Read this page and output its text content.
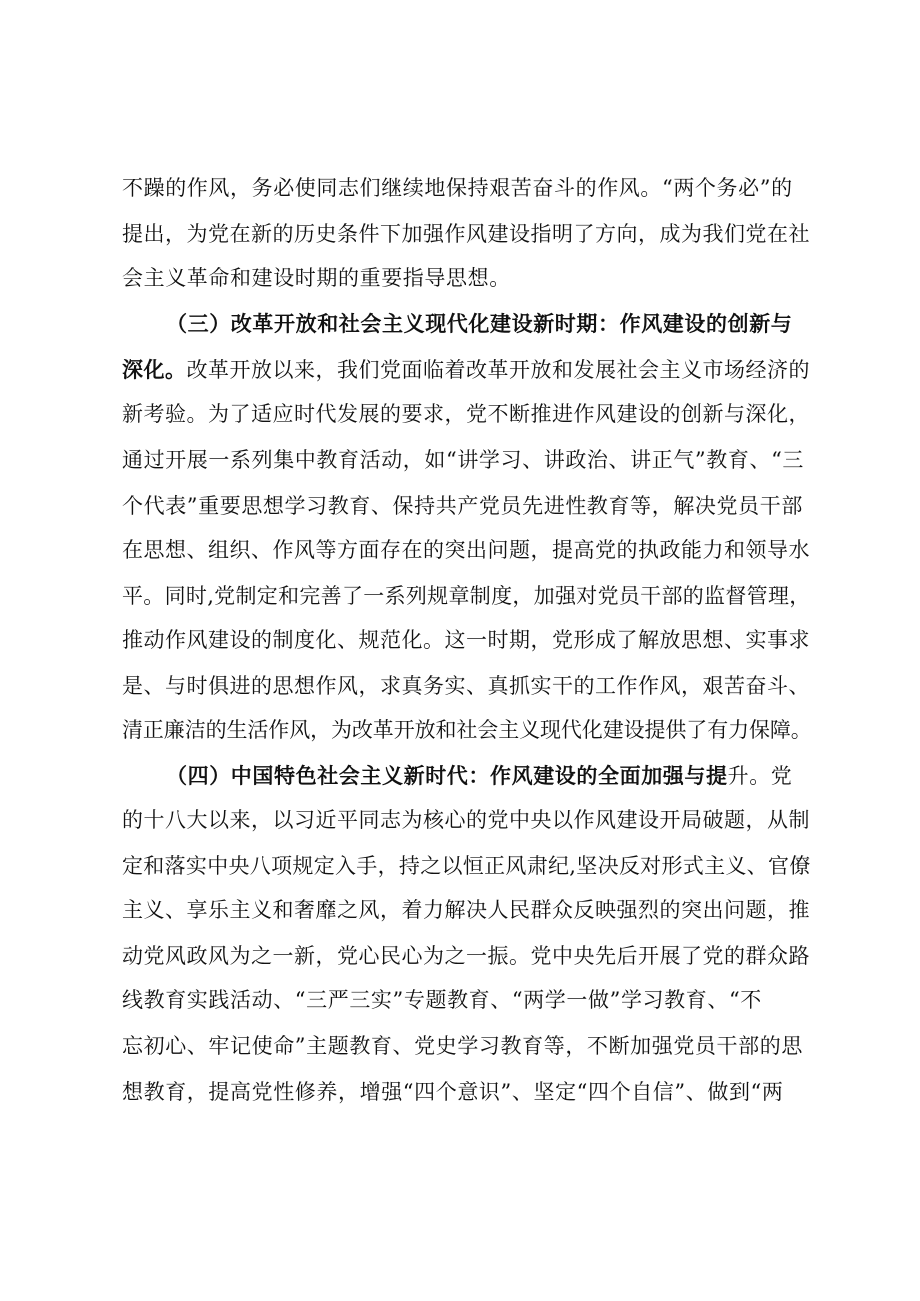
不躁的作风，务必使同志们继续地保持艰苦奋斗的作风。“两个务必”的
提出，为党在新的历史条件下加强作风建设指明了方向，成为我们党在社
会主义革命和建设时期的重要指导思想。
（三）改革开放和社会主义现代化建设新时期：作风建设的创新与
深化。改革开放以来，我们党面临着改革开放和发展社会主义市场经济的
新考验。为了适应时代发展的要求，党不断推进作风建设的创新与深化，
通过开展一系列集中教育活动，如“讲学习、讲政治、讲正气”教育、“三
个代表”重要思想学习教育、保持共产党员先进性教育等，解决党员干部
在思想、组织、作风等方面存在的突出问题，提高党的执政能力和领导水
平。同时,党制定和完善了一系列规章制度，加强对党员干部的监督管理，
推动作风建设的制度化、规范化。这一时期，党形成了解放思想、实事求
是、与时俱进的思想作风，求真务实、真抓实干的工作作风，艰苦奋斗、
清正廉洁的生活作风，为改革开放和社会主义现代化建设提供了有力保障。
（四）中国特色社会主义新时代：作风建设的全面加强与提升。党
的十八大以来，以习近平同志为核心的党中央以作风建设开局破题，从制
定和落实中央八项规定入手，持之以恒正风肃纪,坚决反对形式主义、官僚
主义、享乐主义和奢靡之风，着力解决人民群众反映强烈的突出问题，推
动党风政风为之一新，党心民心为之一振。党中央先后开展了党的群众路
线教育实践活动、“三严三实”专题教育、“两学一做”学习教育、“不
忘初心、牢记使命”主题教育、党史学习教育等，不断加强党员干部的思
想教育，提高党性修养，增强“四个意识”、坚定“四个自信”、做到“两
